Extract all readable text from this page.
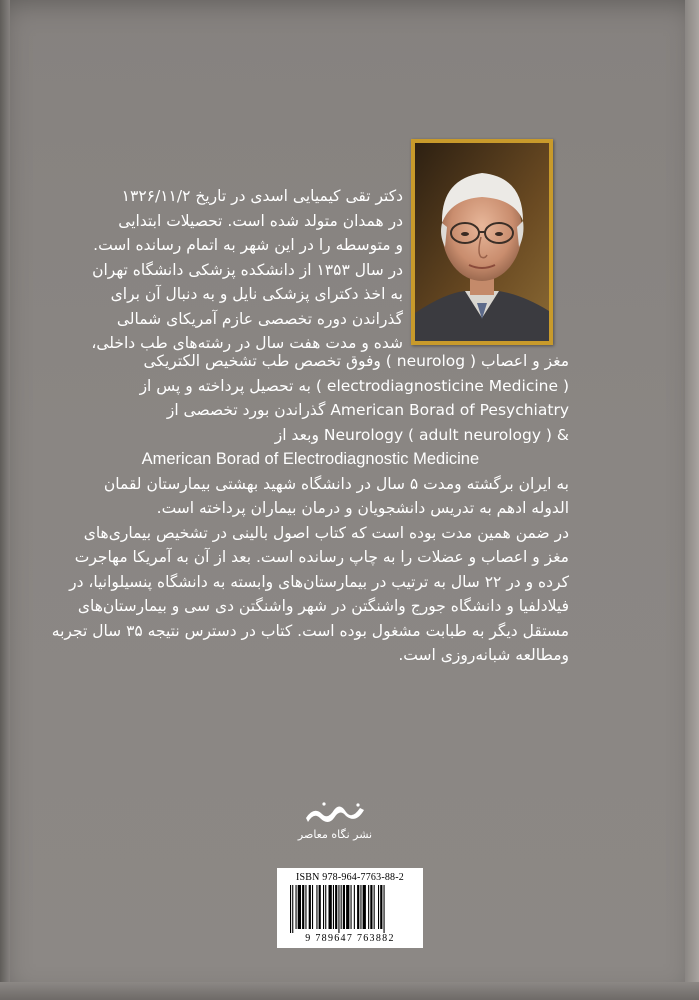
دکتر تقی کیمیایی اسدی در تاریخ ۱۳۲۶/۱۱/۲
در همدان متولد شده است. تحصیلات ابتدایی
و متوسطه را در این شهر به اتمام رسانده است.
در سال ۱۳۵۳ از دانشکده پزشکی دانشگاه تهران
به اخذ دکترای پزشکی نایل و به دنبال آن برای
گذراندن دوره تخصصی عازم آمریکای شمالی
شده و مدت هفت سال در رشته‌های طب داخلی،
مغز و اعصاب ( neurolog ) وفوق تخصص طب تشخیص الکتریکی
( electrodiagnosticine Medicine ) به تحصیل پرداخته و پس از
American Borad of Pesychiatry گذراندن بورد تخصصی از
& Neurology ( adult neurology ) وبعد از
American Borad of Electrodiagnostic Medicine
به ایران برگشته ومدت ۵ سال در دانشگاه شهید بهشتی بیمارستان لقمان
الدوله ادهم به تدریس دانشجویان و درمان بیماران پرداخته است.
در ضمن همین مدت بوده است که کتاب اصول بالینی در تشخیص بیماری‌های
مغز و اعصاب و عضلات را به چاپ رسانده است. بعد از آن به آمریکا مهاجرت
کرده و در ۲۲ سال به ترتیب در بیمارستان‌های وابسته به دانشگاه پنسیلوانیا، در
فیلادلفیا و دانشگاه جورج واشنگتن در شهر واشنگتن دی سی و بیمارستان‌های
مستقل دیگر به طبابت مشغول بوده است. کتاب در دسترس نتیجه ۳۵ سال تجربه
ومطالعه شبانه‌روزی است.
نشر نگاه معاصر
ISBN 978-964-7763-88-2
9 789647 763882
